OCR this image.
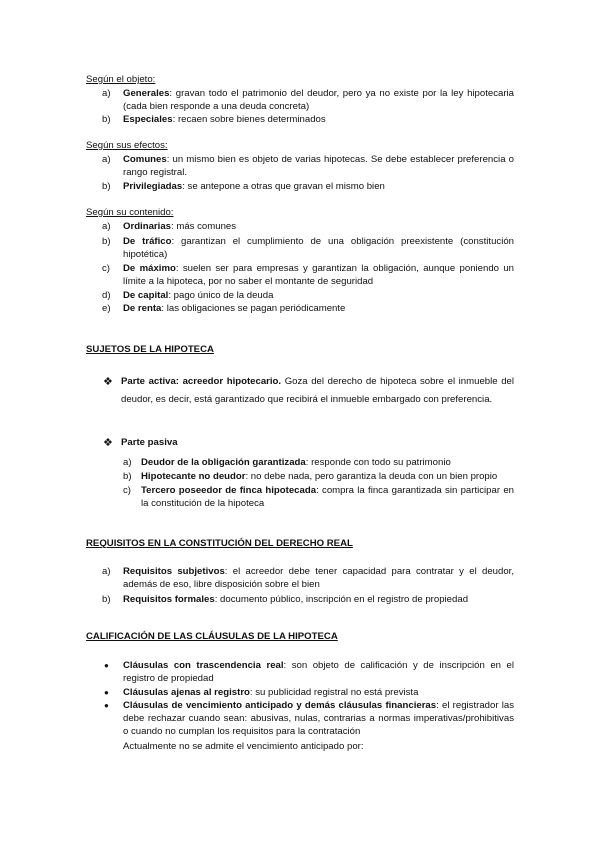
Según el objeto:
a) Generales: gravan todo el patrimonio del deudor, pero ya no existe por la ley hipotecaria (cada bien responde a una deuda concreta)
b) Especiales: recaen sobre bienes determinados
Según sus efectos:
a) Comunes: un mismo bien es objeto de varias hipotecas. Se debe establecer preferencia o rango registral.
b) Privilegiadas: se antepone a otras que gravan el mismo bien
Según su contenido:
a) Ordinarias: más comunes
b) De tráfico: garantizan el cumplimiento de una obligación preexistente (constitución hipotética)
c) De máximo: suelen ser para empresas y garantizan la obligación, aunque poniendo un límite a la hipoteca, por no saber el montante de seguridad
d) De capital: pago único de la deuda
e) De renta: las obligaciones se pagan periódicamente
SUJETOS DE LA HIPOTECA
❖ Parte activa: acreedor hipotecario. Goza del derecho de hipoteca sobre el inmueble del deudor, es decir, está garantizado que recibirá el inmueble embargado con preferencia.
❖ Parte pasiva
a) Deudor de la obligación garantizada: responde con todo su patrimonio
b) Hipotecante no deudor: no debe nada, pero garantiza la deuda con un bien propio
c) Tercero poseedor de finca hipotecada: compra la finca garantizada sin participar en la constitución de la hipoteca
REQUISITOS EN LA CONSTITUCIÓN DEL DERECHO REAL
a) Requisitos subjetivos: el acreedor debe tener capacidad para contratar y el deudor, además de eso, libre disposición sobre el bien
b) Requisitos formales: documento público, inscripción en el registro de propiedad
CALIFICACIÓN DE LAS CLÁUSULAS DE LA HIPOTECA
● Cláusulas con trascendencia real: son objeto de calificación y de inscripción en el registro de propiedad
● Cláusulas ajenas al registro: su publicidad registral no está prevista
● Cláusulas de vencimiento anticipado y demás cláusulas financieras: el registrador las debe rechazar cuando sean: abusivas, nulas, contrarias a normas imperativas/prohibitivas o cuando no cumplan los requisitos para la contratación
Actualmente no se admite el vencimiento anticipado por:
